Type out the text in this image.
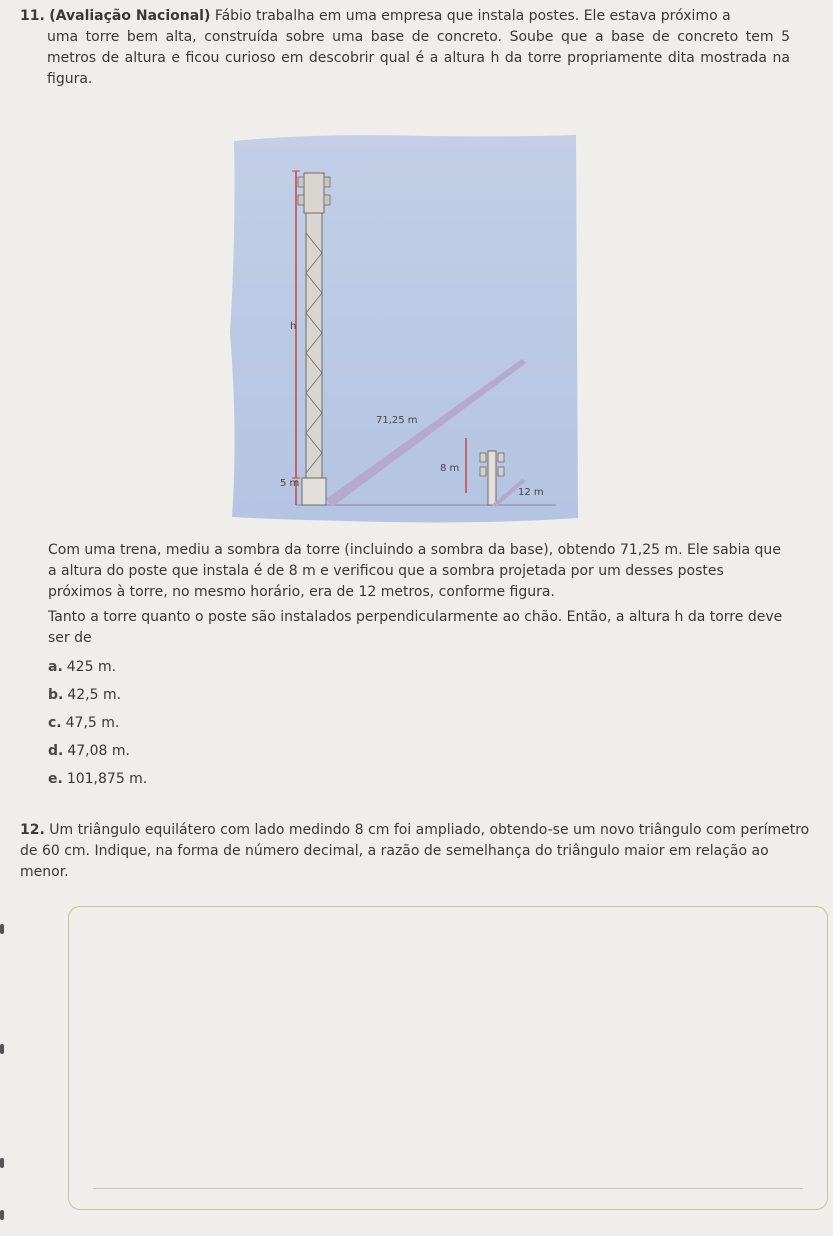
11. (Avaliação Nacional) Fábio trabalha em uma empresa que instala postes. Ele estava próximo a
uma torre bem alta, construída sobre uma base de concreto. Soube que a base de concreto tem 5 metros de altura e ficou curioso em descobrir qual é a altura h da torre propriamente dita mostrada na figura.
h
71,25 m
5 m
8 m
12 m

Com uma trena, mediu a sombra da torre (incluindo a sombra da base), obtendo 71,25 m. Ele sabia que a altura do poste que instala é de 8 m e verificou que a sombra projetada por um desses postes próximos à torre, no mesmo horário, era de 12 metros, conforme figura.

Tanto a torre quanto o poste são instalados perpendicularmente ao chão. Então, a altura h da torre deve ser de

a. 425 m.
b. 42,5 m.
c. 47,5 m.
d. 47,08 m.
e. 101,875 m.
12. Um triângulo equilátero com lado medindo 8 cm foi ampliado, obtendo-se um novo triângulo com perímetro de 60 cm. Indique, na forma de número decimal, a razão de semelhança do triângulo maior em relação ao menor.
